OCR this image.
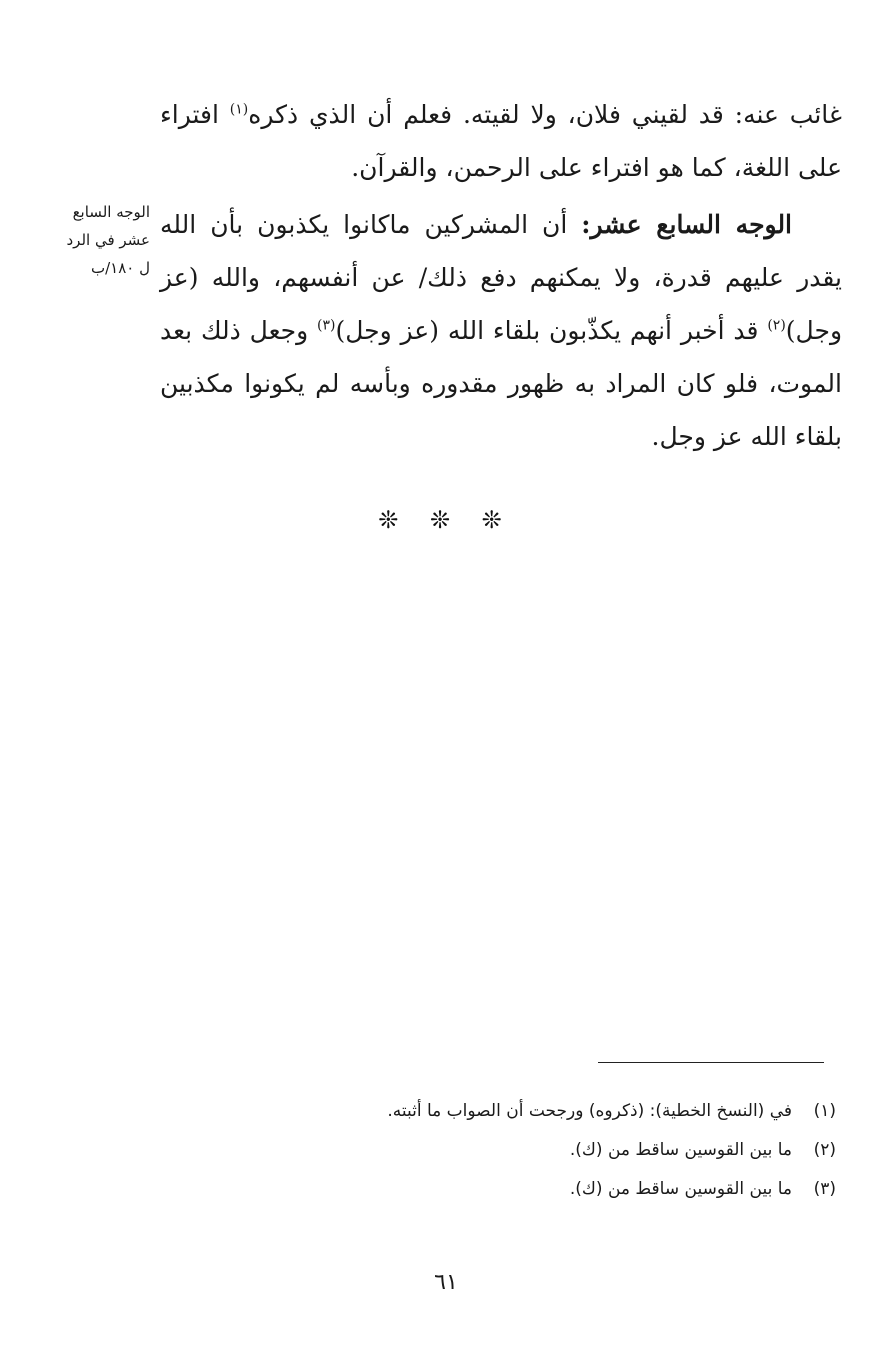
غائب عنه: قد لقيني فلان، ولا لقيته. فعلم أن الذي ذكره$^{(١)}$ افتراء على اللغة، كما هو افتراء على الرحمن، والقرآن.

الوجه السابع عشر: أن المشركين ماكانوا يكذبون بأن الله يقدر عليهم قدرة، ولا يمكنهم دفع ذلك/ عن أنفسهم، والله (عز وجل)$^{(٢)}$ قد أخبر أنهم يكذّبون بلقاء الله (عز وجل)$^{(٣)}$ وجعل ذلك بعد الموت، فلو كان المراد به ظهور مقدوره وبأسه لم يكونوا مكذبين بلقاء الله عز وجل.

الوجه السابع
عشر في الرد
ل ١٨٠/ب
❊ ❊ ❊
(١)في (النسخ الخطية): (ذكروه) ورجحت أن الصواب ما أثبته.
(٢)ما بين القوسين ساقط من (ك).
(٣)ما بين القوسين ساقط من (ك).
٦١
